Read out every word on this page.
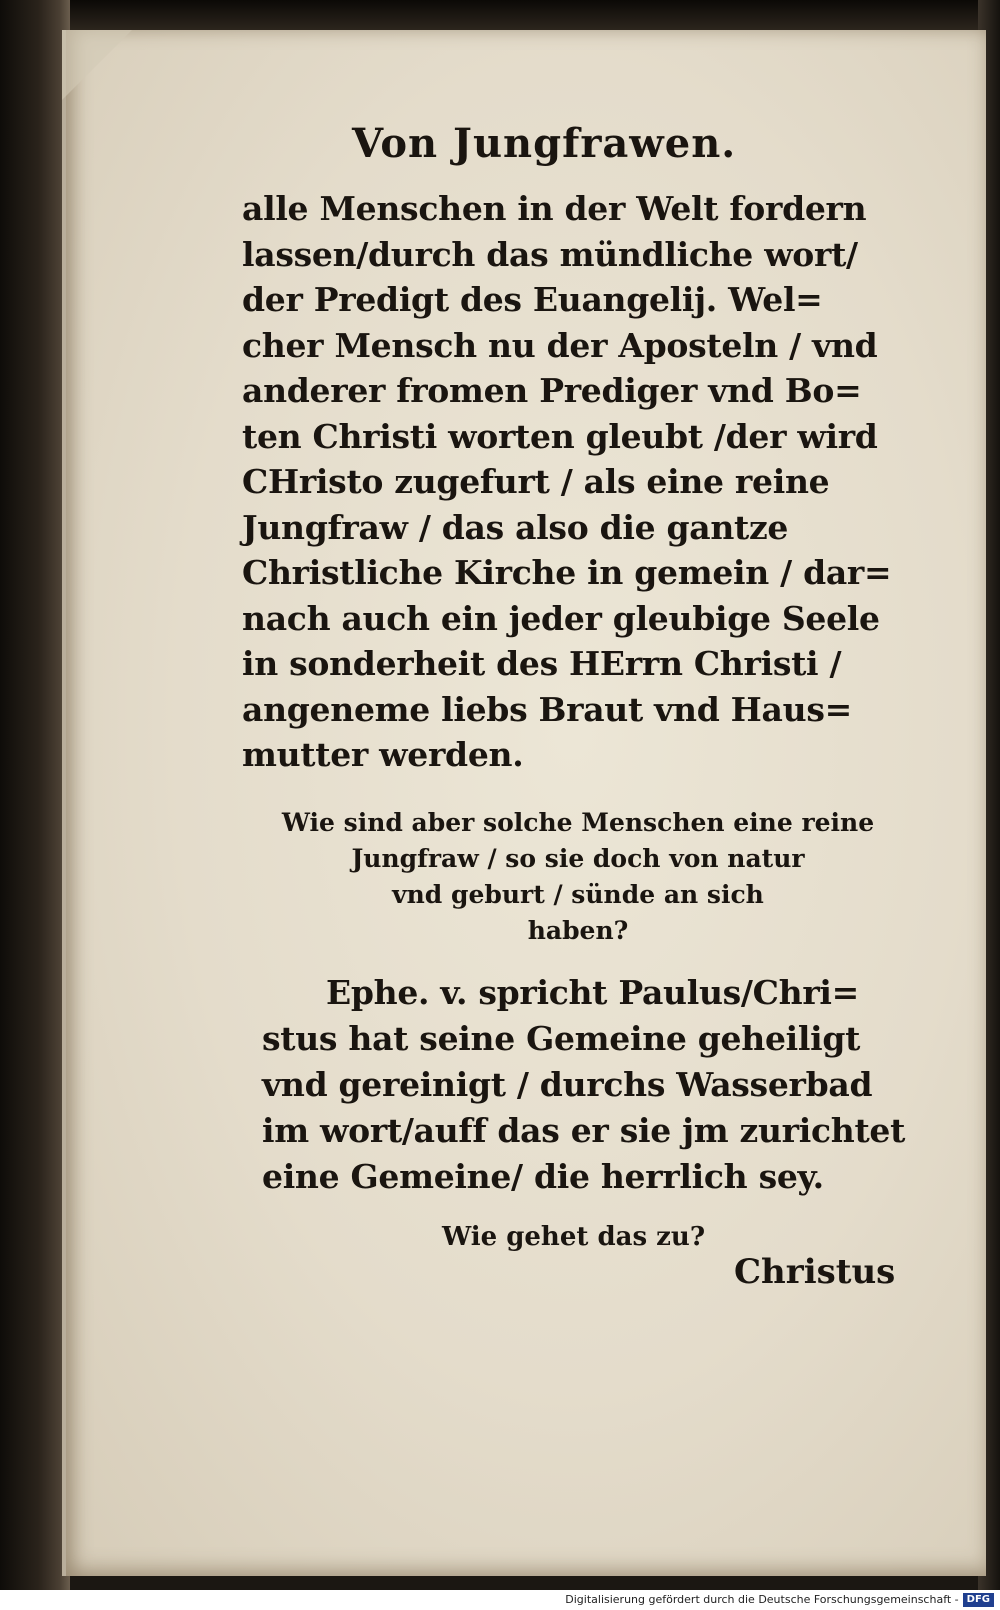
Von Jungfrawen.
alle Menschen in der Welt fordern
lassen/durch das mündliche wort/
der Predigt des Euangelij. Wel=
cher Mensch nu der Aposteln / vnd
anderer fromen Prediger vnd Bo=
ten Christi worten gleubt /der wird
CHristo zugefurt / als eine reine
Jungfraw / das also die gantze
Christliche Kirche in gemein / dar=
nach auch ein jeder gleubige Seele
in sonderheit des HErrn Christi /
angeneme liebs Braut vnd Haus=
mutter werden.
Wie sind aber solche Menschen eine reine
Jungfraw / so sie doch von natur
vnd geburt / sünde an sich
haben?
Ephe. v. spricht Paulus/Chri=
stus hat seine Gemeine geheiligt
vnd gereinigt / durchs Wasserbad
im wort/auff das er sie jm zurichtet
eine Gemeine/ die herrlich sey.
Wie gehet das zu?
Christus
Digitalisierung gefördert durch die Deutsche Forschungsgemeinschaft - DFG
